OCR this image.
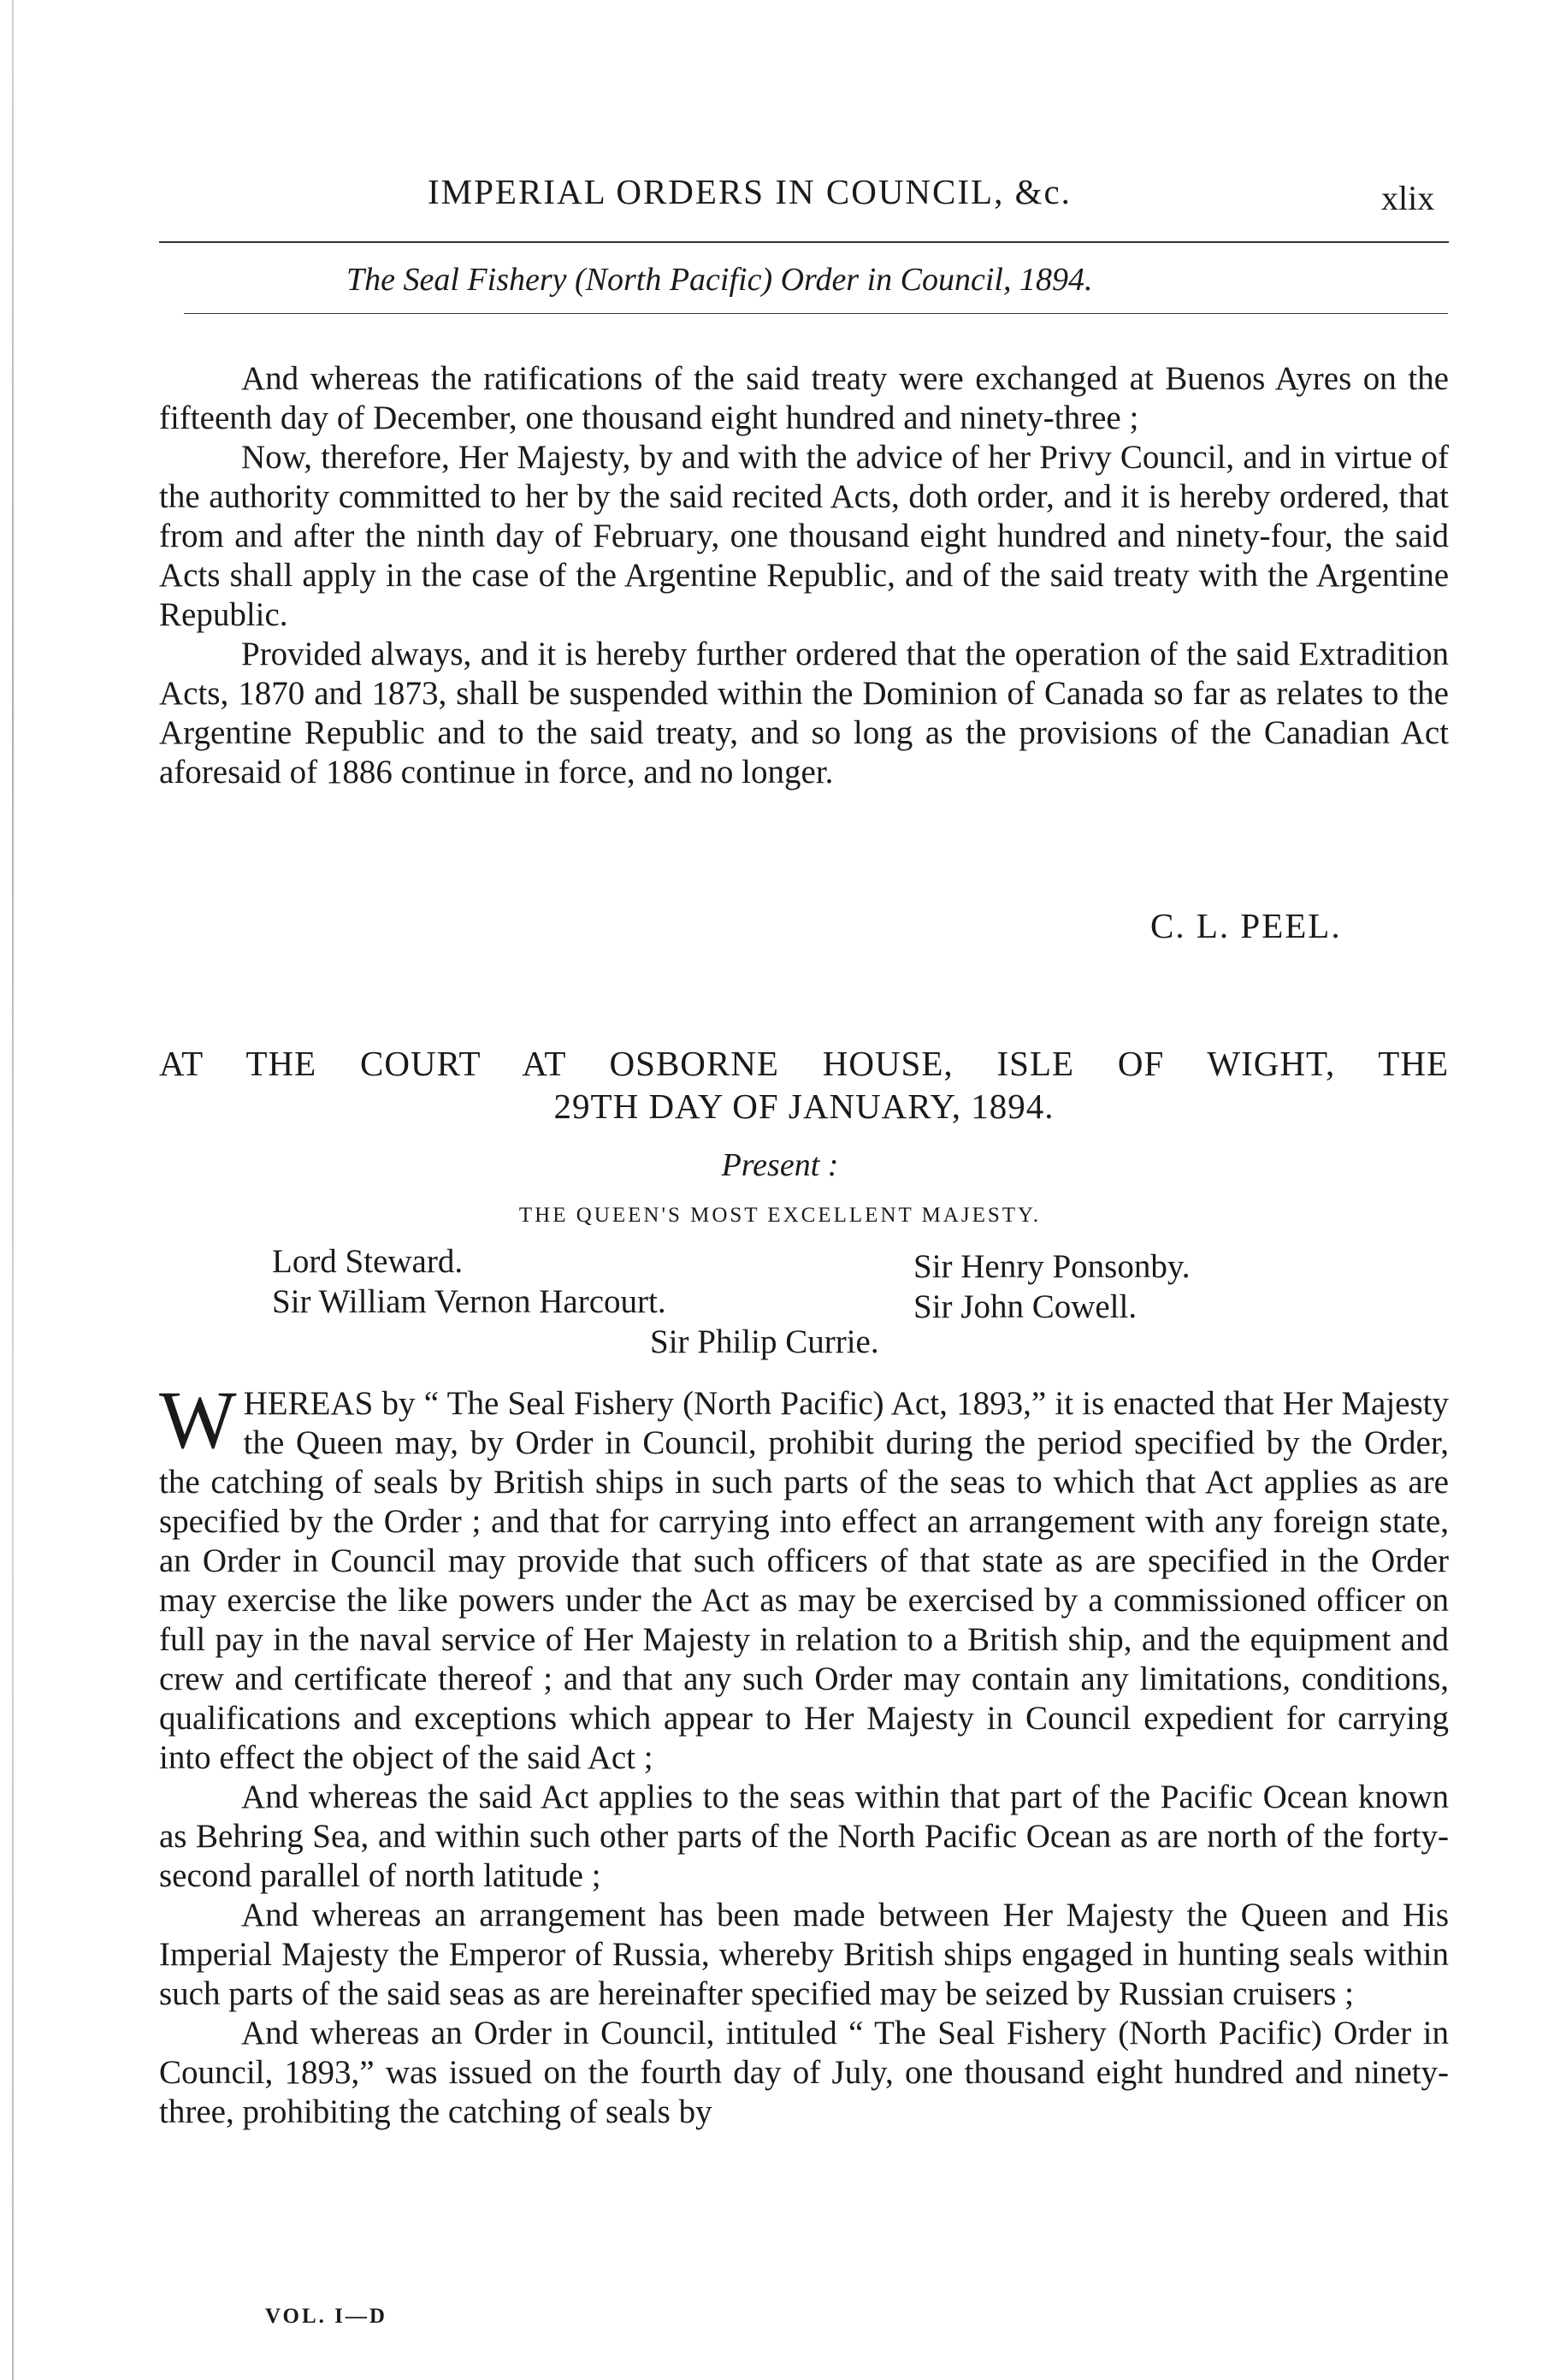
IMPERIAL ORDERS IN COUNCIL, &c.	xlix
The Seal Fishery (North Pacific) Order in Council, 1894.

And whereas the ratifications of the said treaty were exchanged at Buenos Ayres on the fifteenth day of December, one thousand eight hundred and ninety-three ;

Now, therefore, Her Majesty, by and with the advice of her Privy Council, and in virtue of the authority committed to her by the said recited Acts, doth order, and it is hereby ordered, that from and after the ninth day of February, one thousand eight hundred and ninety-four, the said Acts shall apply in the case of the Argentine Republic, and of the said treaty with the Argentine Republic.

Provided always, and it is hereby further ordered that the operation of the said Extradition Acts, 1870 and 1873, shall be suspended within the Dominion of Canada so far as relates to the Argentine Republic and to the said treaty, and so long as the provisions of the Canadian Act aforesaid of 1886 continue in force, and no longer.

C. L. PEEL.
AT THE COURT AT OSBORNE HOUSE, ISLE OF WIGHT, THE
29TH DAY OF JANUARY, 1894.
Present :
THE QUEEN'S MOST EXCELLENT MAJESTY.
Lord Steward.
Sir William Vernon Harcourt.
Sir Henry Ponsonby.
Sir John Cowell.
Sir Philip Currie.

WHEREAS by “ The Seal Fishery (North Pacific) Act, 1893,” it is enacted that Her Majesty the Queen may, by Order in Council, prohibit during the period specified by the Order, the catching of seals by British ships in such parts of the seas to which that Act applies as are specified by the Order ; and that for carrying into effect an arrangement with any foreign state, an Order in Council may provide that such officers of that state as are specified in the Order may exercise the like powers under the Act as may be exercised by a commissioned officer on full pay in the naval service of Her Majesty in relation to a British ship, and the equipment and crew and certificate thereof ; and that any such Order may contain any limitations, conditions, qualifications and exceptions which appear to Her Majesty in Council expedient for carrying into effect the object of the said Act ;

And whereas the said Act applies to the seas within that part of the Pacific Ocean known as Behring Sea, and within such other parts of the North Pacific Ocean as are north of the forty-second parallel of north latitude ;

And whereas an arrangement has been made between Her Majesty the Queen and His Imperial Majesty the Emperor of Russia, whereby British ships engaged in hunting seals within such parts of the said seas as are hereinafter specified may be seized by Russian cruisers ;

And whereas an Order in Council, intituled “ The Seal Fishery (North Pacific) Order in Council, 1893,” was issued on the fourth day of July, one thousand eight hundred and ninety-three, prohibiting the catching of seals by

VOL. I—D
